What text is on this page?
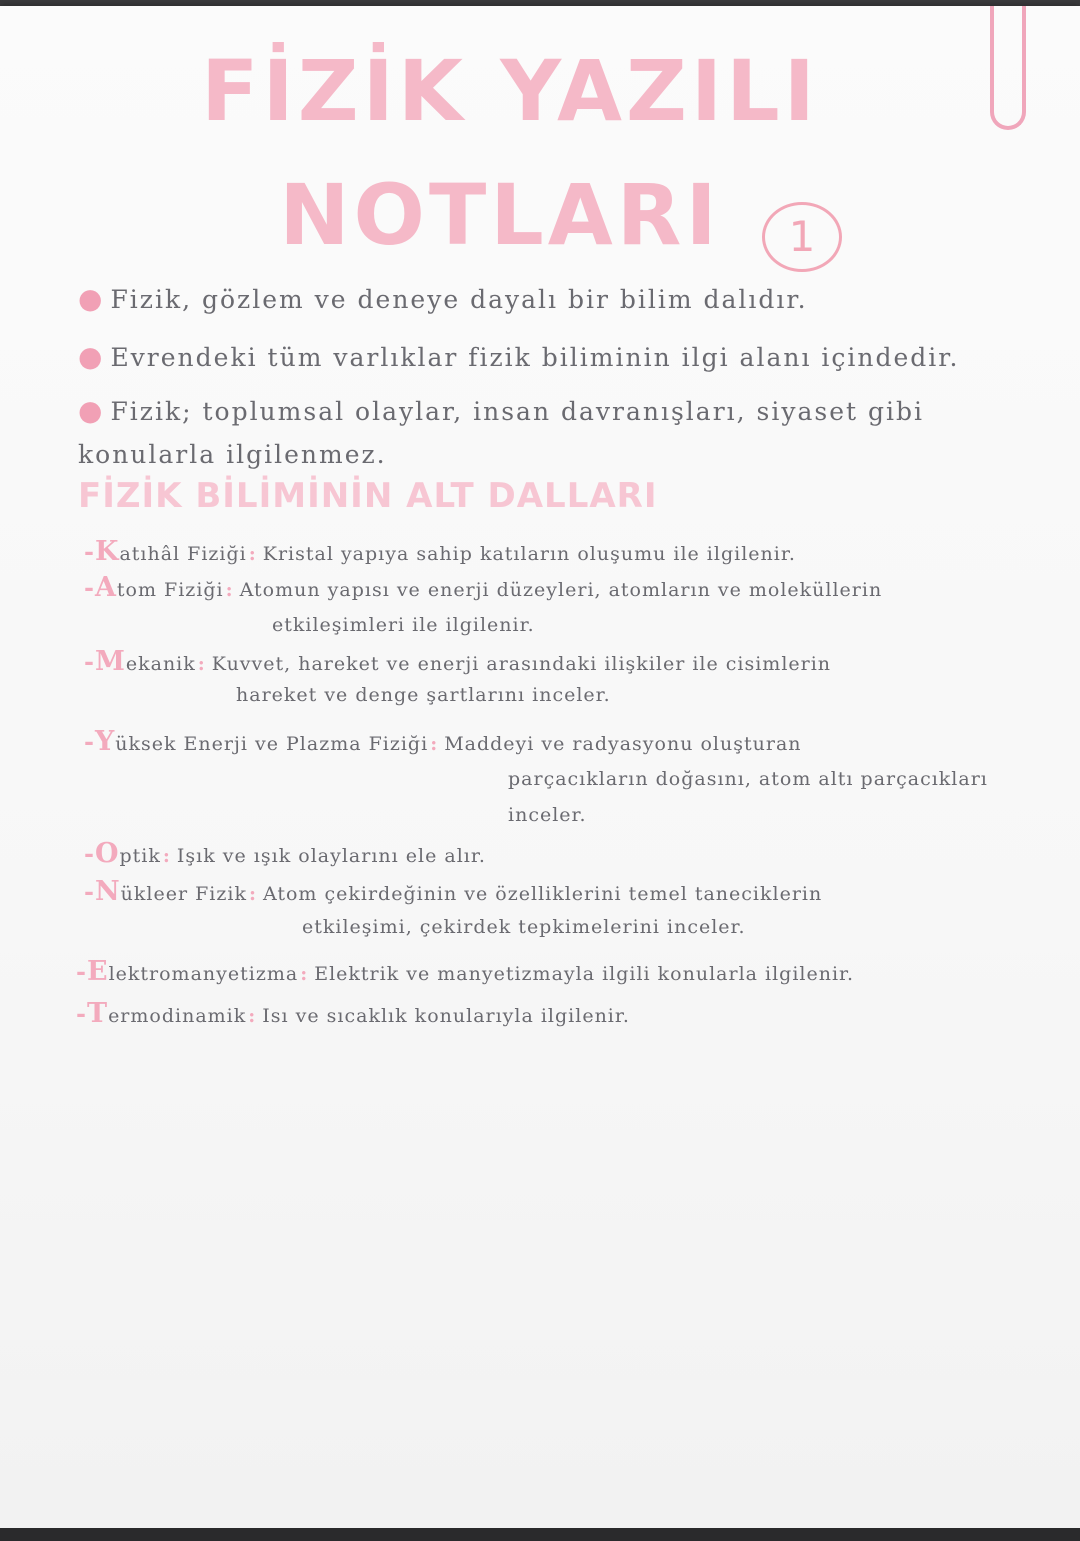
FİZİK YAZILI
NOTLARI	1
● Fizik, gözlem ve deneye dayalı bir bilim dalıdır.
● Evrendeki tüm varlıklar fizik biliminin ilgi alanı içindedir.
● Fizik; toplumsal olaylar, insan davranışları, siyaset gibi
konularla ilgilenmez.
FİZİK BİLİMİNİN ALT DALLARI
-Katıhâl Fiziği : Kristal yapıya sahip katıların oluşumu ile ilgilenir.
-Atom Fiziği : Atomun yapısı ve enerji düzeyleri, atomların ve moleküllerin
etkileşimleri ile ilgilenir.
-Mekanik : Kuvvet, hareket ve enerji arasındaki ilişkiler ile cisimlerin
hareket ve denge şartlarını inceler.
-Yüksek Enerji ve Plazma Fiziği : Maddeyi ve radyasyonu oluşturan
parçacıkların doğasını, atom altı parçacıkları
inceler.
-Optik : Işık ve ışık olaylarını ele alır.
-Nükleer Fizik : Atom çekirdeğinin ve özelliklerini temel taneciklerin
etkileşimi, çekirdek tepkimelerini inceler.
-Elektromanyetizma : Elektrik ve manyetizmayla ilgili konularla ilgilenir.
-Termodinamik : Isı ve sıcaklık konularıyla ilgilenir.
